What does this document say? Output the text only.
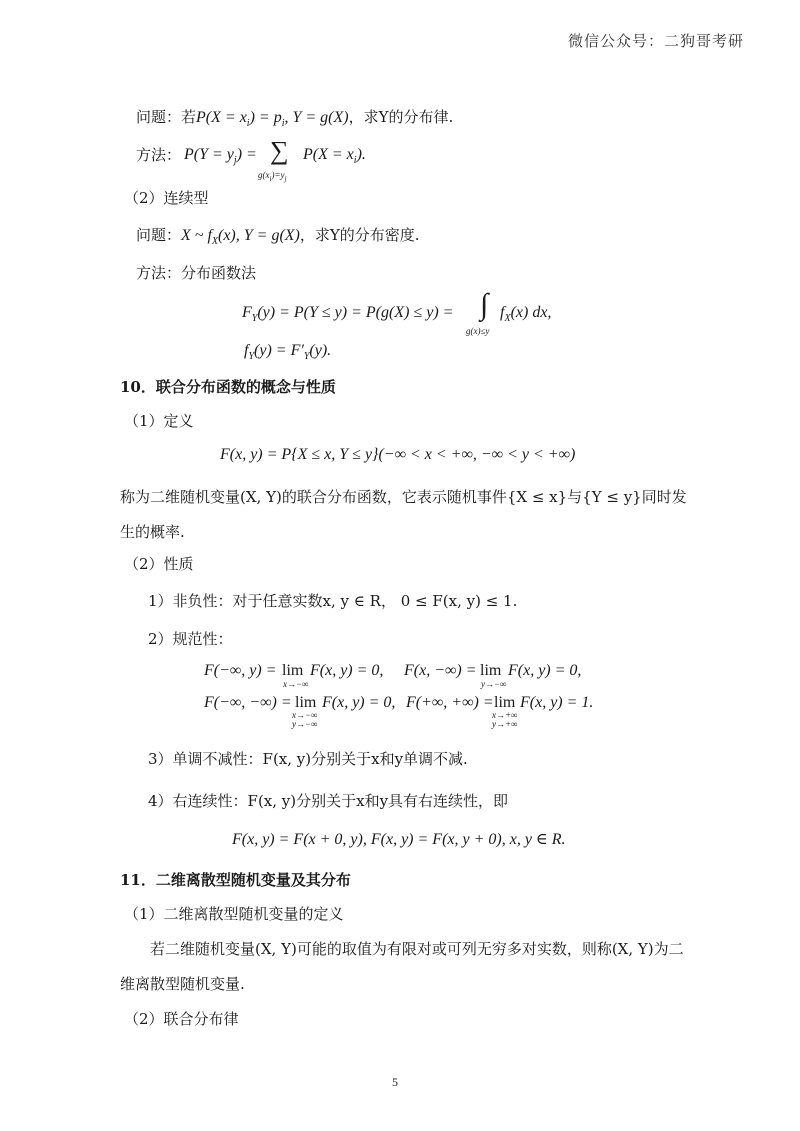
微信公众号：二狗哥考研
问题：若$P(X = x_i) = p_i$, Y = g(X)，求Y的分布律.
方法： $P(Y = y_j)$ = ∑
$g(x_i)=y_j$
$P(X = x_i)$.
（2）连续型
问题：X ~ $f_X(x)$, Y = g(X)，求Y的分布密度.
方法：分布函数法
$F_Y(y) = P(Y \le y) = P(g(X) \le y)$ = ∫
g(x)≤y
$f_X(x)$ dx,
$f_Y(y) = F'_Y(y)$.
10．联合分布函数的概念与性质
（1）定义
F(x, y) = P{X ≤ x, Y ≤ y}(−∞ < x < +∞, −∞ < y < +∞)
称为二维随机变量(X, Y)的联合分布函数，它表示随机事件{X ≤ x}与{Y ≤ y}同时发
生的概率.
（2）性质
1）非负性：对于任意实数x, y ∈ R， 0 ≤ F(x, y) ≤ 1.
2）规范性：
F(−∞, y) = lim
x→−∞
F(x, y) = 0, F(x, −∞) = lim
y→−∞
F(x, y) = 0,
F(−∞, −∞) = lim
x→−∞
y→−∞
F(x, y) = 0, F(+∞, +∞) = lim
x→+∞
y→+∞
F(x, y) = 1.
3）单调不减性：F(x, y)分别关于x和y单调不减.
4）右连续性：F(x, y)分别关于x和y具有右连续性，即
F(x, y) = F(x + 0, y), F(x, y) = F(x, y + 0), x, y ∈ R.
11．二维离散型随机变量及其分布
（1）二维离散型随机变量的定义
若二维随机变量(X, Y)可能的取值为有限对或可列无穷多对实数，则称(X, Y)为二
维离散型随机变量.
（2）联合分布律
5
